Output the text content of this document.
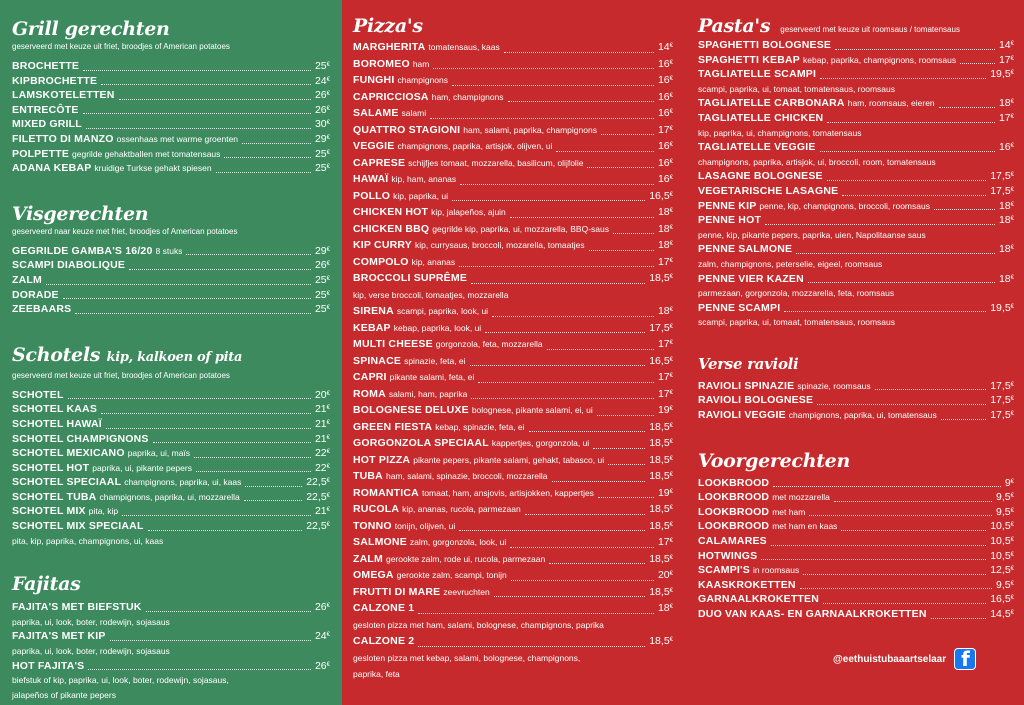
Grill gerechten
geserveerd met keuze uit friet, broodjes of American potatoes
BROCHETTE	25€
KIPBROCHETTE	24€
LAMSKOTELETTEN	26€
ENTRECÔTE	26€
MIXED GRILL	30€
FILETTO DI MANZO ossenhaas met warme groenten	29€
POLPETTE gegrilde gehaktballen met tomatensaus	25€
ADANA KEBAP kruidige Turkse gehakt spiesen	25€
Visgerechten
geserveerd naar keuze met friet, broodjes of American potatoes
GEGRILDE GAMBA'S 16/20 8 stuks	29€
SCAMPI DIABOLIQUE	26€
ZALM	25€
DORADE	25€
ZEEBAARS	25€
Schotels kip, kalkoen of pita
geserveerd met keuze uit friet, broodjes of American potatoes
SCHOTEL	20€
SCHOTEL KAAS	21€
SCHOTEL HAWAÏ	21€
SCHOTEL CHAMPIGNONS	21€
SCHOTEL MEXICANO paprika, ui, maïs	22€
SCHOTEL HOT paprika, ui, pikante pepers	22€
SCHOTEL SPECIAAL champignons, paprika, ui, kaas	22,5€
SCHOTEL TUBA champignons, paprika, ui, mozzarella	22,5€
SCHOTEL MIX pita, kip	21€
SCHOTEL MIX SPECIAAL	22,5€
pita, kip, paprika, champignons, ui, kaas
Fajitas
FAJITA'S MET BIEFSTUK	26€
paprika, ui, look, boter, rodewijn, sojasaus
FAJITA'S MET KIP	24€
paprika, ui, look, boter, rodewijn, sojasaus
HOT FAJITA'S	26€
biefstuk of kip, paprika, ui, look, boter, rodewijn, sojasaus,
jalapeños of pikante pepers
Pizza's
MARGHERITA tomatensaus, kaas	14€
BOROMEO ham	16€
FUNGHI champignons	16€
CAPRICCIOSA ham, champignons	16€
SALAME salami	16€
QUATTRO STAGIONI ham, salami, paprika, champignons	17€
VEGGIE champignons, paprika, artisjok, olijven, ui	16€
CAPRESE schijfjes tomaat, mozzarella, basilicum, olijfolie	16€
HAWAÏ kip, ham, ananas	16€
POLLO kip, paprika, ui	16,5€
CHICKEN HOT kip, jalapeños, ajuin	18€
CHICKEN BBQ gegrilde kip, paprika, ui, mozzarella, BBQ-saus	18€
KIP CURRY kip, currysaus, broccoli, mozarella, tomaatjes	18€
COMPOLO kip, ananas	17€
BROCCOLI SUPRÊME	18,5€
kip, verse broccoli, tomaatjes, mozzarella
SIRENA scampi, paprika, look, ui	18€
KEBAP kebap, paprika, look, ui	17,5€
MULTI CHEESE gorgonzola, feta, mozzarella	17€
SPINACE spinazie, feta, ei	16,5€
CAPRI pikante salami, feta, ei	17€
ROMA salami, ham, paprika	17€
BOLOGNESE DELUXE bolognese, pikante salami, ei, ui	19€
GREEN FIESTA kebap, spinazie, feta, ei	18,5€
GORGONZOLA SPECIAAL kappertjes, gorgonzola, ui	18,5€
HOT PIZZA pikante pepers, pikante salami, gehakt, tabasco, ui	18,5€
TUBA ham, salami, spinazie, broccoli, mozzarella	18,5€
ROMANTICA tomaat, ham, ansjovis, artisjokken, kappertjes	19€
RUCOLA kip, ananas, rucola, parmezaan	18,5€
TONNO tonijn, olijven, ui	18,5€
SALMONE zalm, gorgonzola, look, ui	17€
ZALM gerookte zalm, rode ui, rucola, parmezaan	18,5€
OMEGA gerookte zalm, scampi, tonijn	20€
FRUTTI DI MARE zeevruchten	18,5€
CALZONE 1	18€
gesloten pizza met ham, salami, bolognese, champignons, paprika
CALZONE 2	18,5€
gesloten pizza met kebap, salami, bolognese, champignons,
paprika, feta
Pasta's geserveerd met keuze uit roomsaus / tomatensaus
SPAGHETTI BOLOGNESE	14€
SPAGHETTI KEBAP kebap, paprika, champignons, roomsaus	17€
TAGLIATELLE SCAMPI	19,5€
scampi, paprika, ui, tomaat, tomatensaus, roomsaus
TAGLIATELLE CARBONARA ham, roomsaus, eieren	18€
TAGLIATELLE CHICKEN	17€
kip, paprika, ui, champignons, tomatensaus
TAGLIATELLE VEGGIE	16€
champignons, paprika, artisjok, ui, broccoli, room, tomatensaus
LASAGNE BOLOGNESE	17,5€
VEGETARISCHE LASAGNE	17,5€
PENNE KIP penne, kip, champignons, broccoli, roomsaus	18€
PENNE HOT	18€
penne, kip, pikante pepers, paprika, uien, Napolitaanse saus
PENNE SALMONE	18€
zalm, champignons, peterselie, eigeel, roomsaus
PENNE VIER KAZEN	18€
parmezaan, gorgonzola, mozzarella, feta, roomsaus
PENNE SCAMPI	19,5€
scampi, paprika, ui, tomaat, tomatensaus, roomsaus
Verse ravioli
RAVIOLI SPINAZIE spinazie, roomsaus	17,5€
RAVIOLI BOLOGNESE	17,5€
RAVIOLI VEGGIE champignons, paprika, ui, tomatensaus	17,5€
Voorgerechten
LOOKBROOD	9€
LOOKBROOD met mozzarella	9,5€
LOOKBROOD met ham	9,5€
LOOKBROOD met ham en kaas	10,5€
CALAMARES	10,5€
HOTWINGS	10,5€
SCAMPI'S in roomsaus	12,5€
KAASKROKETTEN	9,5€
GARNAALKROKETTEN	16,5€
DUO VAN KAAS- EN GARNAALKROKETTEN	14,5€
@eethuistubaaartselaar f
